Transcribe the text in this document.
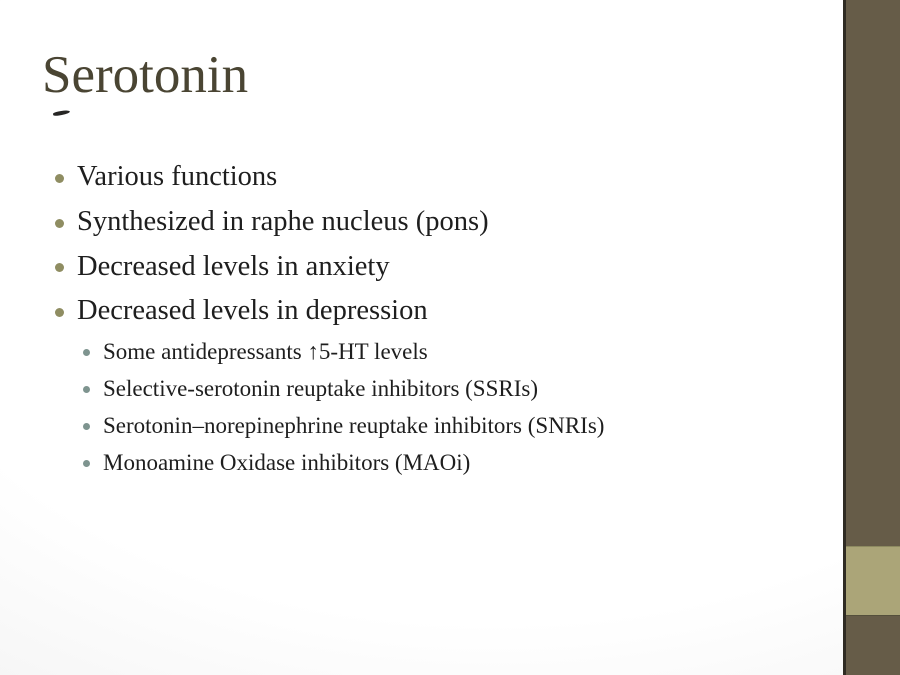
Serotonin
Various functions
Synthesized in raphe nucleus (pons)
Decreased levels in anxiety
Decreased levels in depression
Some antidepressants ↑5-HT levels
Selective-serotonin reuptake inhibitors (SSRIs)
Serotonin–norepinephrine reuptake inhibitors (SNRIs)
Monoamine Oxidase inhibitors (MAOi)
